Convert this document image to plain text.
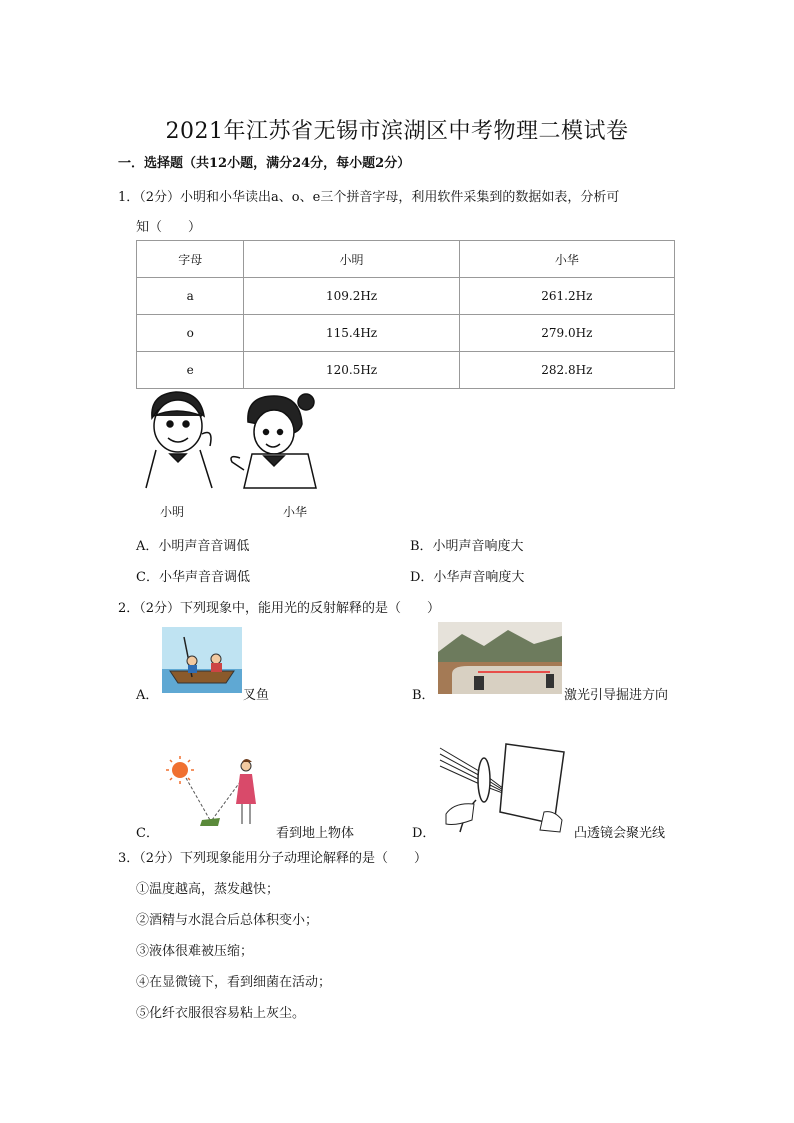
2021年江苏省无锡市滨湖区中考物理二模试卷
一．选择题（共12小题，满分24分，每小题2分）
1．（2分）小明和小华读出a、o、e三个拼音字母，利用软件采集到的数据如表，分析可
知（　　）
字母	小明	小华
a	109.2Hz	261.2Hz
o	115.4Hz	279.0Hz
e	120.5Hz	282.8Hz
小明	小华
A．小明声音音调低	B．小明声音响度大
C．小华声音音调低	D．小华声音响度大
2．（2分）下列现象中，能用光的反射解释的是（　　）
A．	叉鱼	B．	激光引导掘进方向
C．	看到地上物体	D．	凸透镜会聚光线
3．（2分）下列现象能用分子动理论解释的是（　　）
①温度越高，蒸发越快；
②酒精与水混合后总体积变小；
③液体很难被压缩；
④在显微镜下，看到细菌在活动；
⑤化纤衣服很容易粘上灰尘。
